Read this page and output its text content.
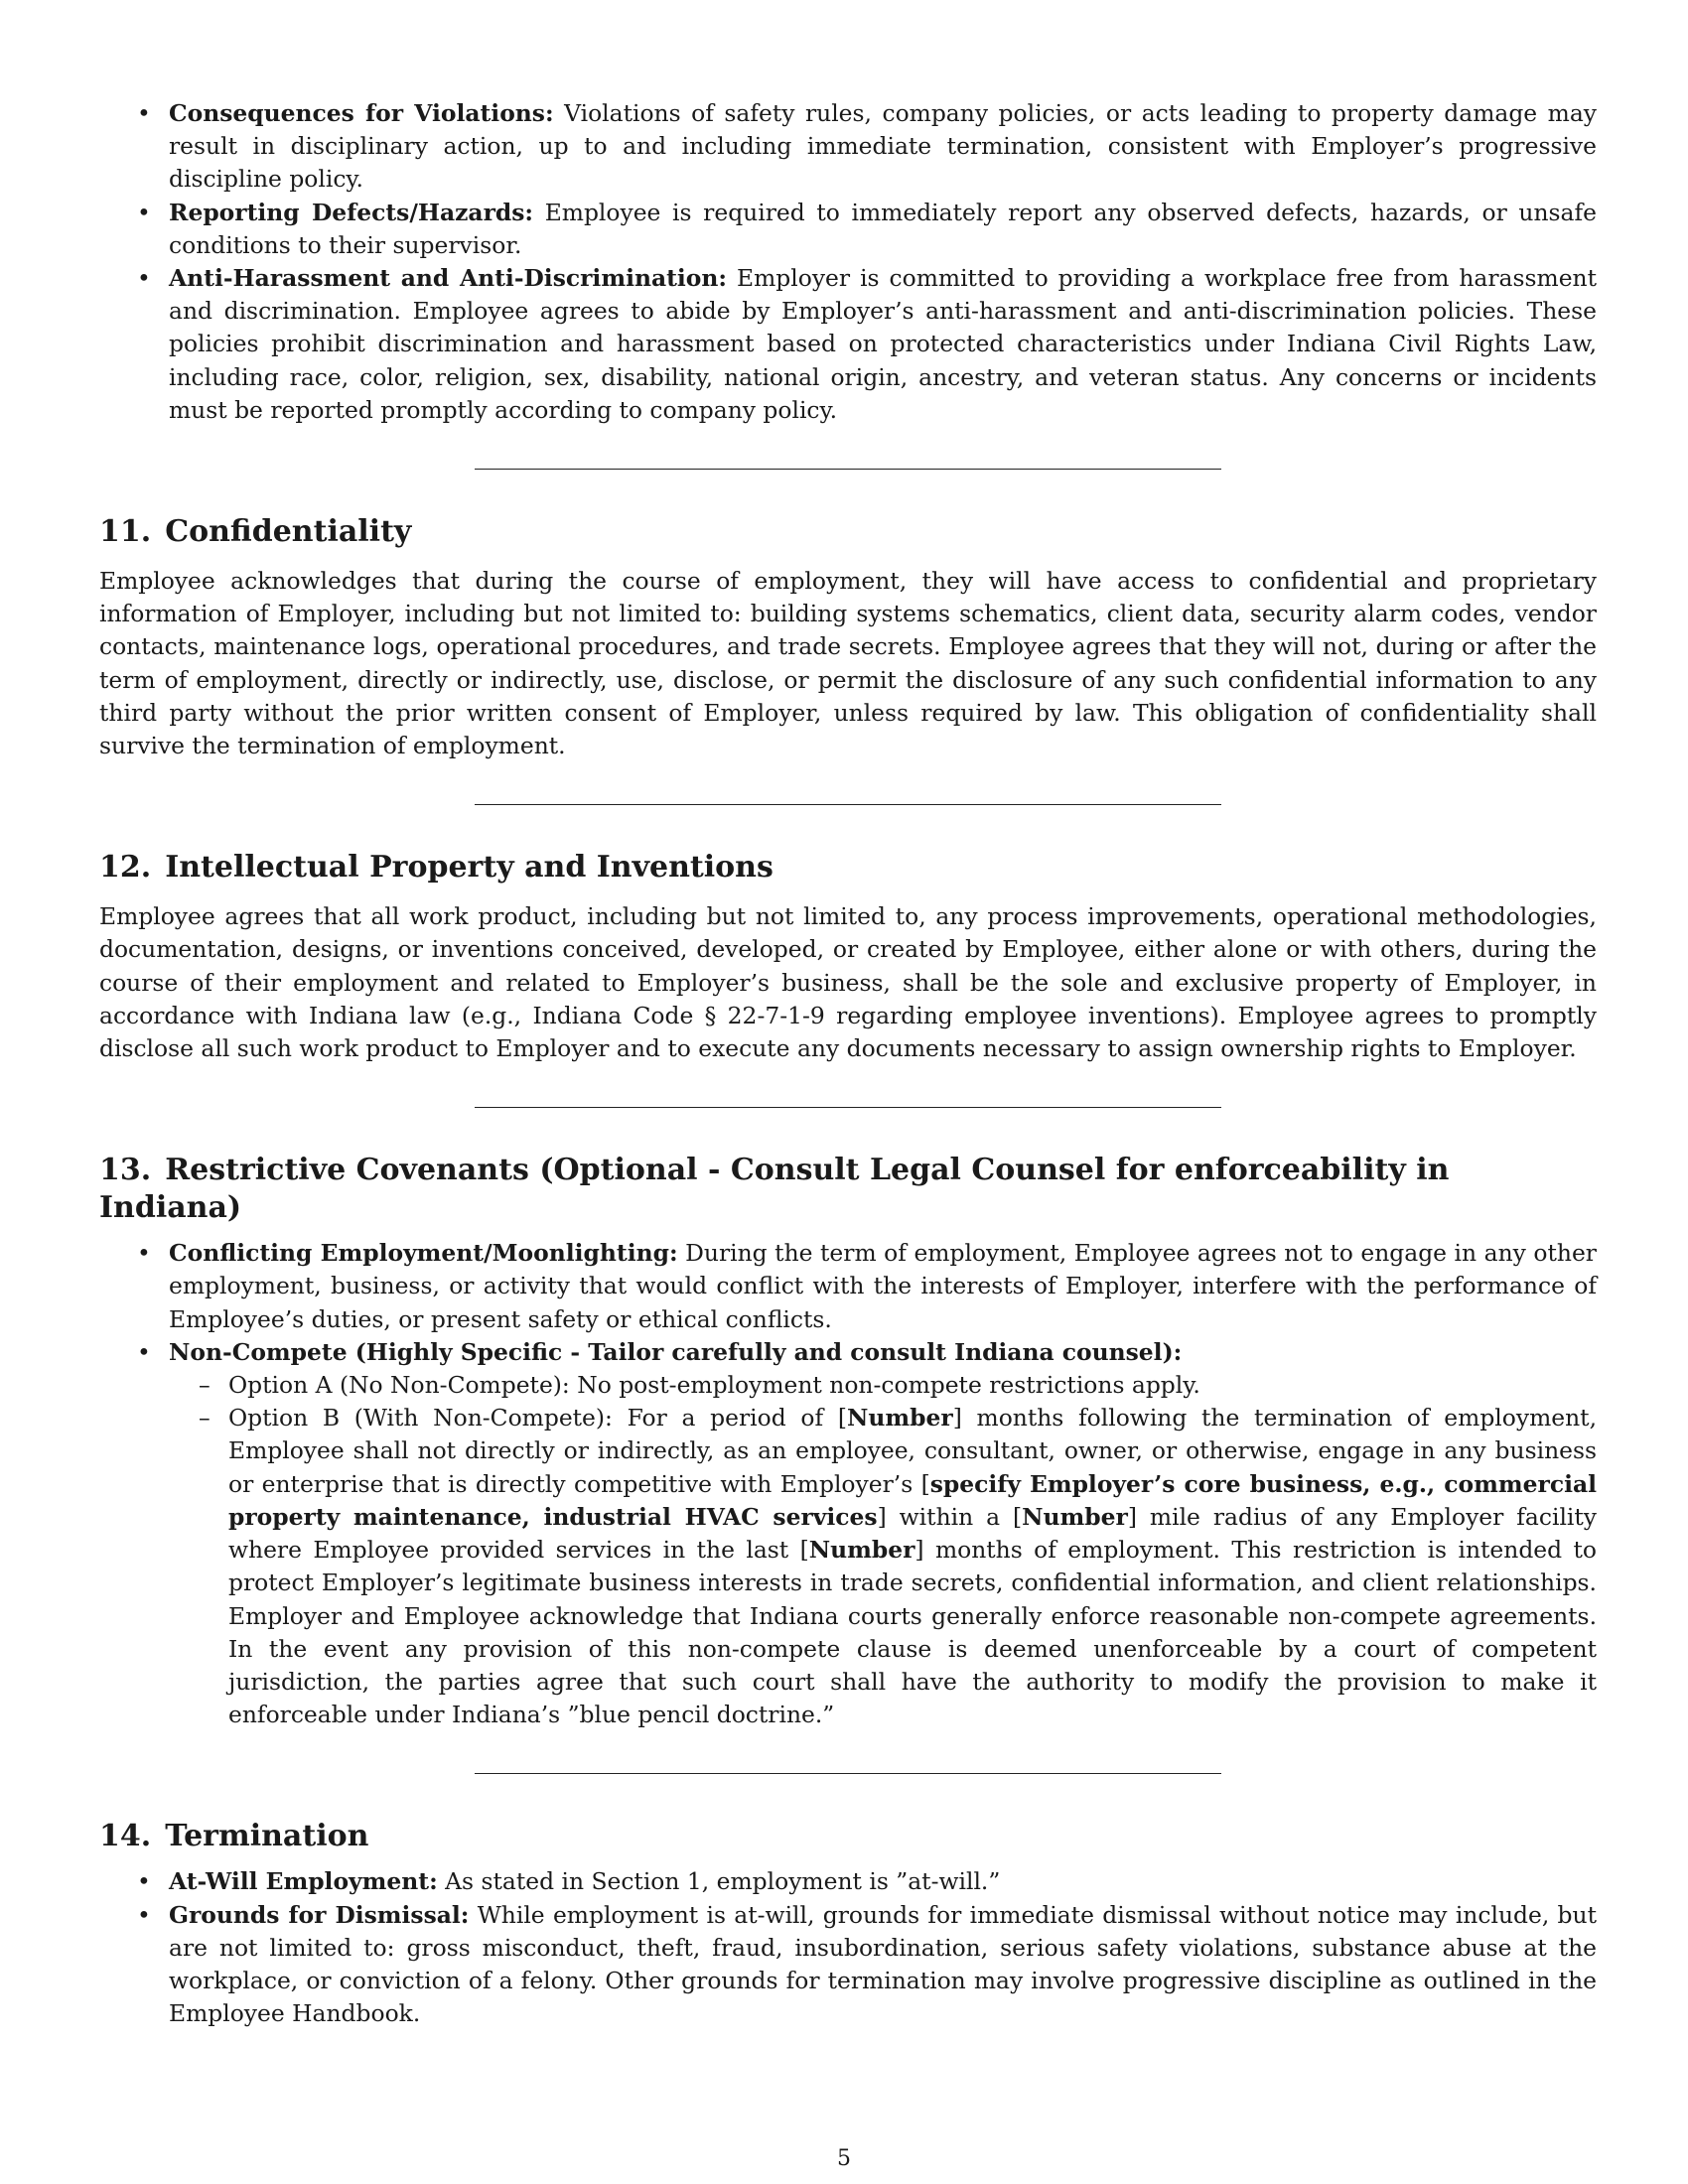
• Consequences for Violations: Violations of safety rules, company policies, or acts leading to property damage may result in disciplinary action, up to and including immediate termination, consistent with Employer’s progressive discipline policy.
• Reporting Defects/Hazards: Employee is required to immediately report any observed defects, hazards, or unsafe conditions to their supervisor.
• Anti-Harassment and Anti-Discrimination: Employer is committed to providing a workplace free from harassment and discrimination. Employee agrees to abide by Employer’s anti-harassment and anti-discrimination policies. These policies prohibit discrimination and harassment based on protected characteristics under Indiana Civil Rights Law, including race, color, religion, sex, disability, national origin, ancestry, and veteran status. Any concerns or incidents must be reported promptly according to company policy.
11. Confidentiality

Employee acknowledges that during the course of employment, they will have access to confidential and proprietary information of Employer, including but not limited to: building systems schematics, client data, security alarm codes, vendor contacts, maintenance logs, operational procedures, and trade secrets. Employee agrees that they will not, during or after the term of employment, directly or indirectly, use, disclose, or permit the disclosure of any such confidential information to any third party without the prior written consent of Employer, unless required by law. This obligation of confidentiality shall survive the termination of employment.

12. Intellectual Property and Inventions

Employee agrees that all work product, including but not limited to, any process improvements, operational methodologies, documentation, designs, or inventions conceived, developed, or created by Employee, either alone or with others, during the course of their employment and related to Employer’s business, shall be the sole and exclusive property of Employer, in accordance with Indiana law (e.g., Indiana Code § 22-7-1-9 regarding employee inventions). Employee agrees to promptly disclose all such work product to Employer and to execute any documents necessary to assign ownership rights to Employer.

13. Restrictive Covenants (Optional - Consult Legal Counsel for enforceability in Indiana)
• Conflicting Employment/Moonlighting: During the term of employment, Employee agrees not to engage in any other employment, business, or activity that would conflict with the interests of Employer, interfere with the performance of Employee’s duties, or present safety or ethical conflicts.
• Non-Compete (Highly Specific - Tailor carefully and consult Indiana counsel):
– Option A (No Non-Compete): No post-employment non-compete restrictions apply.
– Option B (With Non-Compete): For a period of [Number] months following the termination of employment, Employee shall not directly or indirectly, as an employee, consultant, owner, or otherwise, engage in any business or enterprise that is directly competitive with Employer’s [specify Employer’s core business, e.g., commercial property maintenance, industrial HVAC services] within a [Number] mile radius of any Employer facility where Employee provided services in the last [Number] months of employment. This restriction is intended to protect Employer’s legitimate business interests in trade secrets, confidential information, and client relationships. Employer and Employee acknowledge that Indiana courts generally enforce reasonable non-compete agreements. In the event any provision of this non-compete clause is deemed unenforceable by a court of competent jurisdiction, the parties agree that such court shall have the authority to modify the provision to make it enforceable under Indiana’s ”blue pencil doctrine.”
14. Termination
• At-Will Employment: As stated in Section 1, employment is ”at-will.”
• Grounds for Dismissal: While employment is at-will, grounds for immediate dismissal without notice may include, but are not limited to: gross misconduct, theft, fraud, insubordination, serious safety violations, substance abuse at the workplace, or conviction of a felony. Other grounds for termination may involve progressive discipline as outlined in the Employee Handbook.
5
